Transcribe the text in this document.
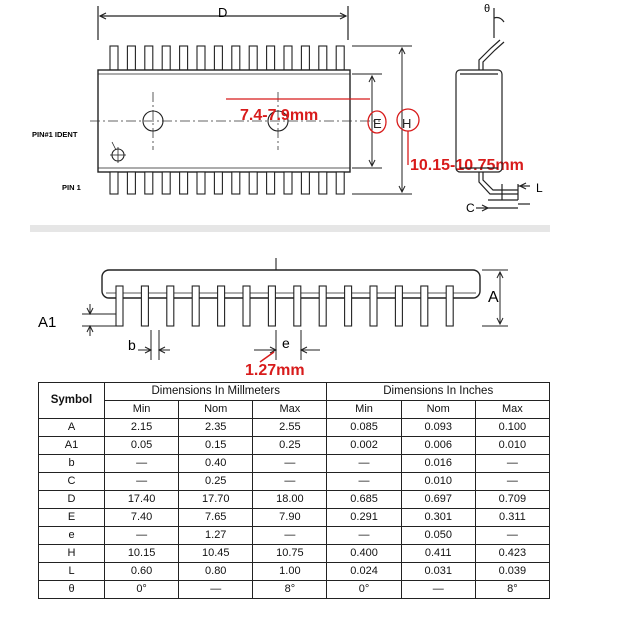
D
PIN#1 IDENT
PIN 1
E H
7.4-7.9mm
10.15-10.75mm
θ
L
C
A
A1
b	e
1.27mm
Symbol	Dimensions In Millmeters			Dimensions In Inches		
	Min	Nom	Max	Min	Nom	Max
A	2.15	2.35	2.55	0.085	0.093	0.100
A1	0.05	0.15	0.25	0.002	0.006	0.010
b	—	0.40	—	—	0.016	—
C	—	0.25	—	—	0.010	—
D	17.40	17.70	18.00	0.685	0.697	0.709
E	7.40	7.65	7.90	0.291	0.301	0.311
e	—	1.27	—	—	0.050	—
H	10.15	10.45	10.75	0.400	0.411	0.423
L	0.60	0.80	1.00	0.024	0.031	0.039
θ	0°	—	8°	0°	—	8°
